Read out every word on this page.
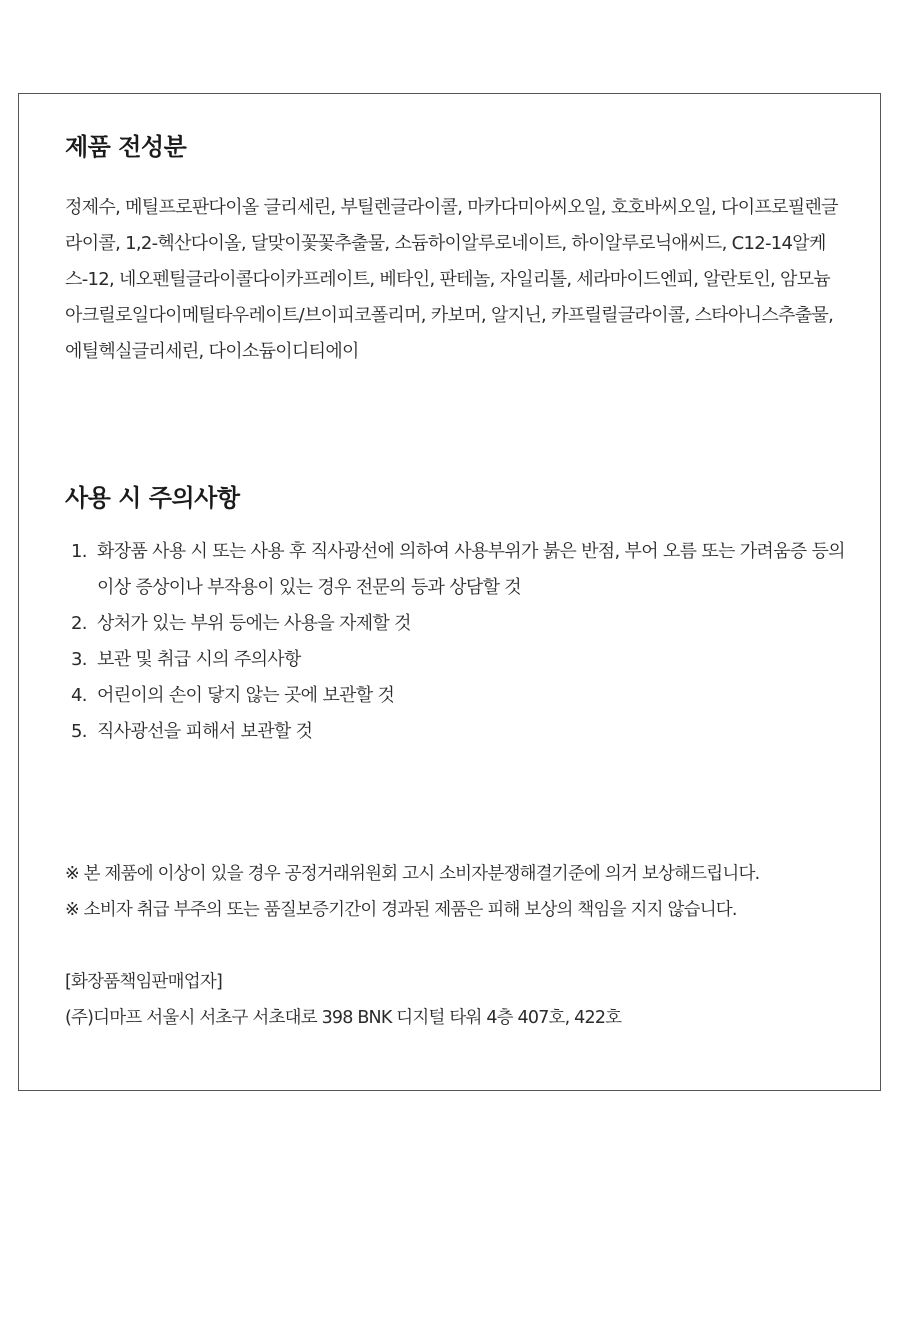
제품 전성분

정제수, 메틸프로판다이올 글리세린, 부틸렌글라이콜, 마카다미아씨오일, 호호바씨오일, 다이프로필렌글라이콜, 1,2-헥산다이올, 달맞이꽃꽃추출물, 소듐하이알루로네이트, 하이알루로닉애씨드, C12-14알케스-12, 네오펜틸글라이콜다이카프레이트, 베타인, 판테놀, 자일리톨, 세라마이드엔피, 알란토인, 암모늄아크릴로일다이메틸타우레이트/브이피코폴리머, 카보머, 알지닌, 카프릴릴글라이콜, 스타아니스추출물, 에틸헥실글리세린, 다이소듐이디티에이

사용 시 주의사항
1. 화장품 사용 시 또는 사용 후 직사광선에 의하여 사용부위가 붉은 반점, 부어 오름 또는 가려움증 등의 이상 증상이나 부작용이 있는 경우 전문의 등과 상담할 것
2. 상처가 있는 부위 등에는 사용을 자제할 것
3. 보관 및 취급 시의 주의사항
4. 어린이의 손이 닿지 않는 곳에 보관할 것
5. 직사광선을 피해서 보관할 것

※ 본 제품에 이상이 있을 경우 공정거래위원회 고시 소비자분쟁해결기준에 의거 보상해드립니다.

※ 소비자 취급 부주의 또는 품질보증기간이 경과된 제품은 피해 보상의 책임을 지지 않습니다.

[화장품책임판매업자]

(주)디마프 서울시 서초구 서초대로 398 BNK 디지털 타워 4층 407호, 422호
